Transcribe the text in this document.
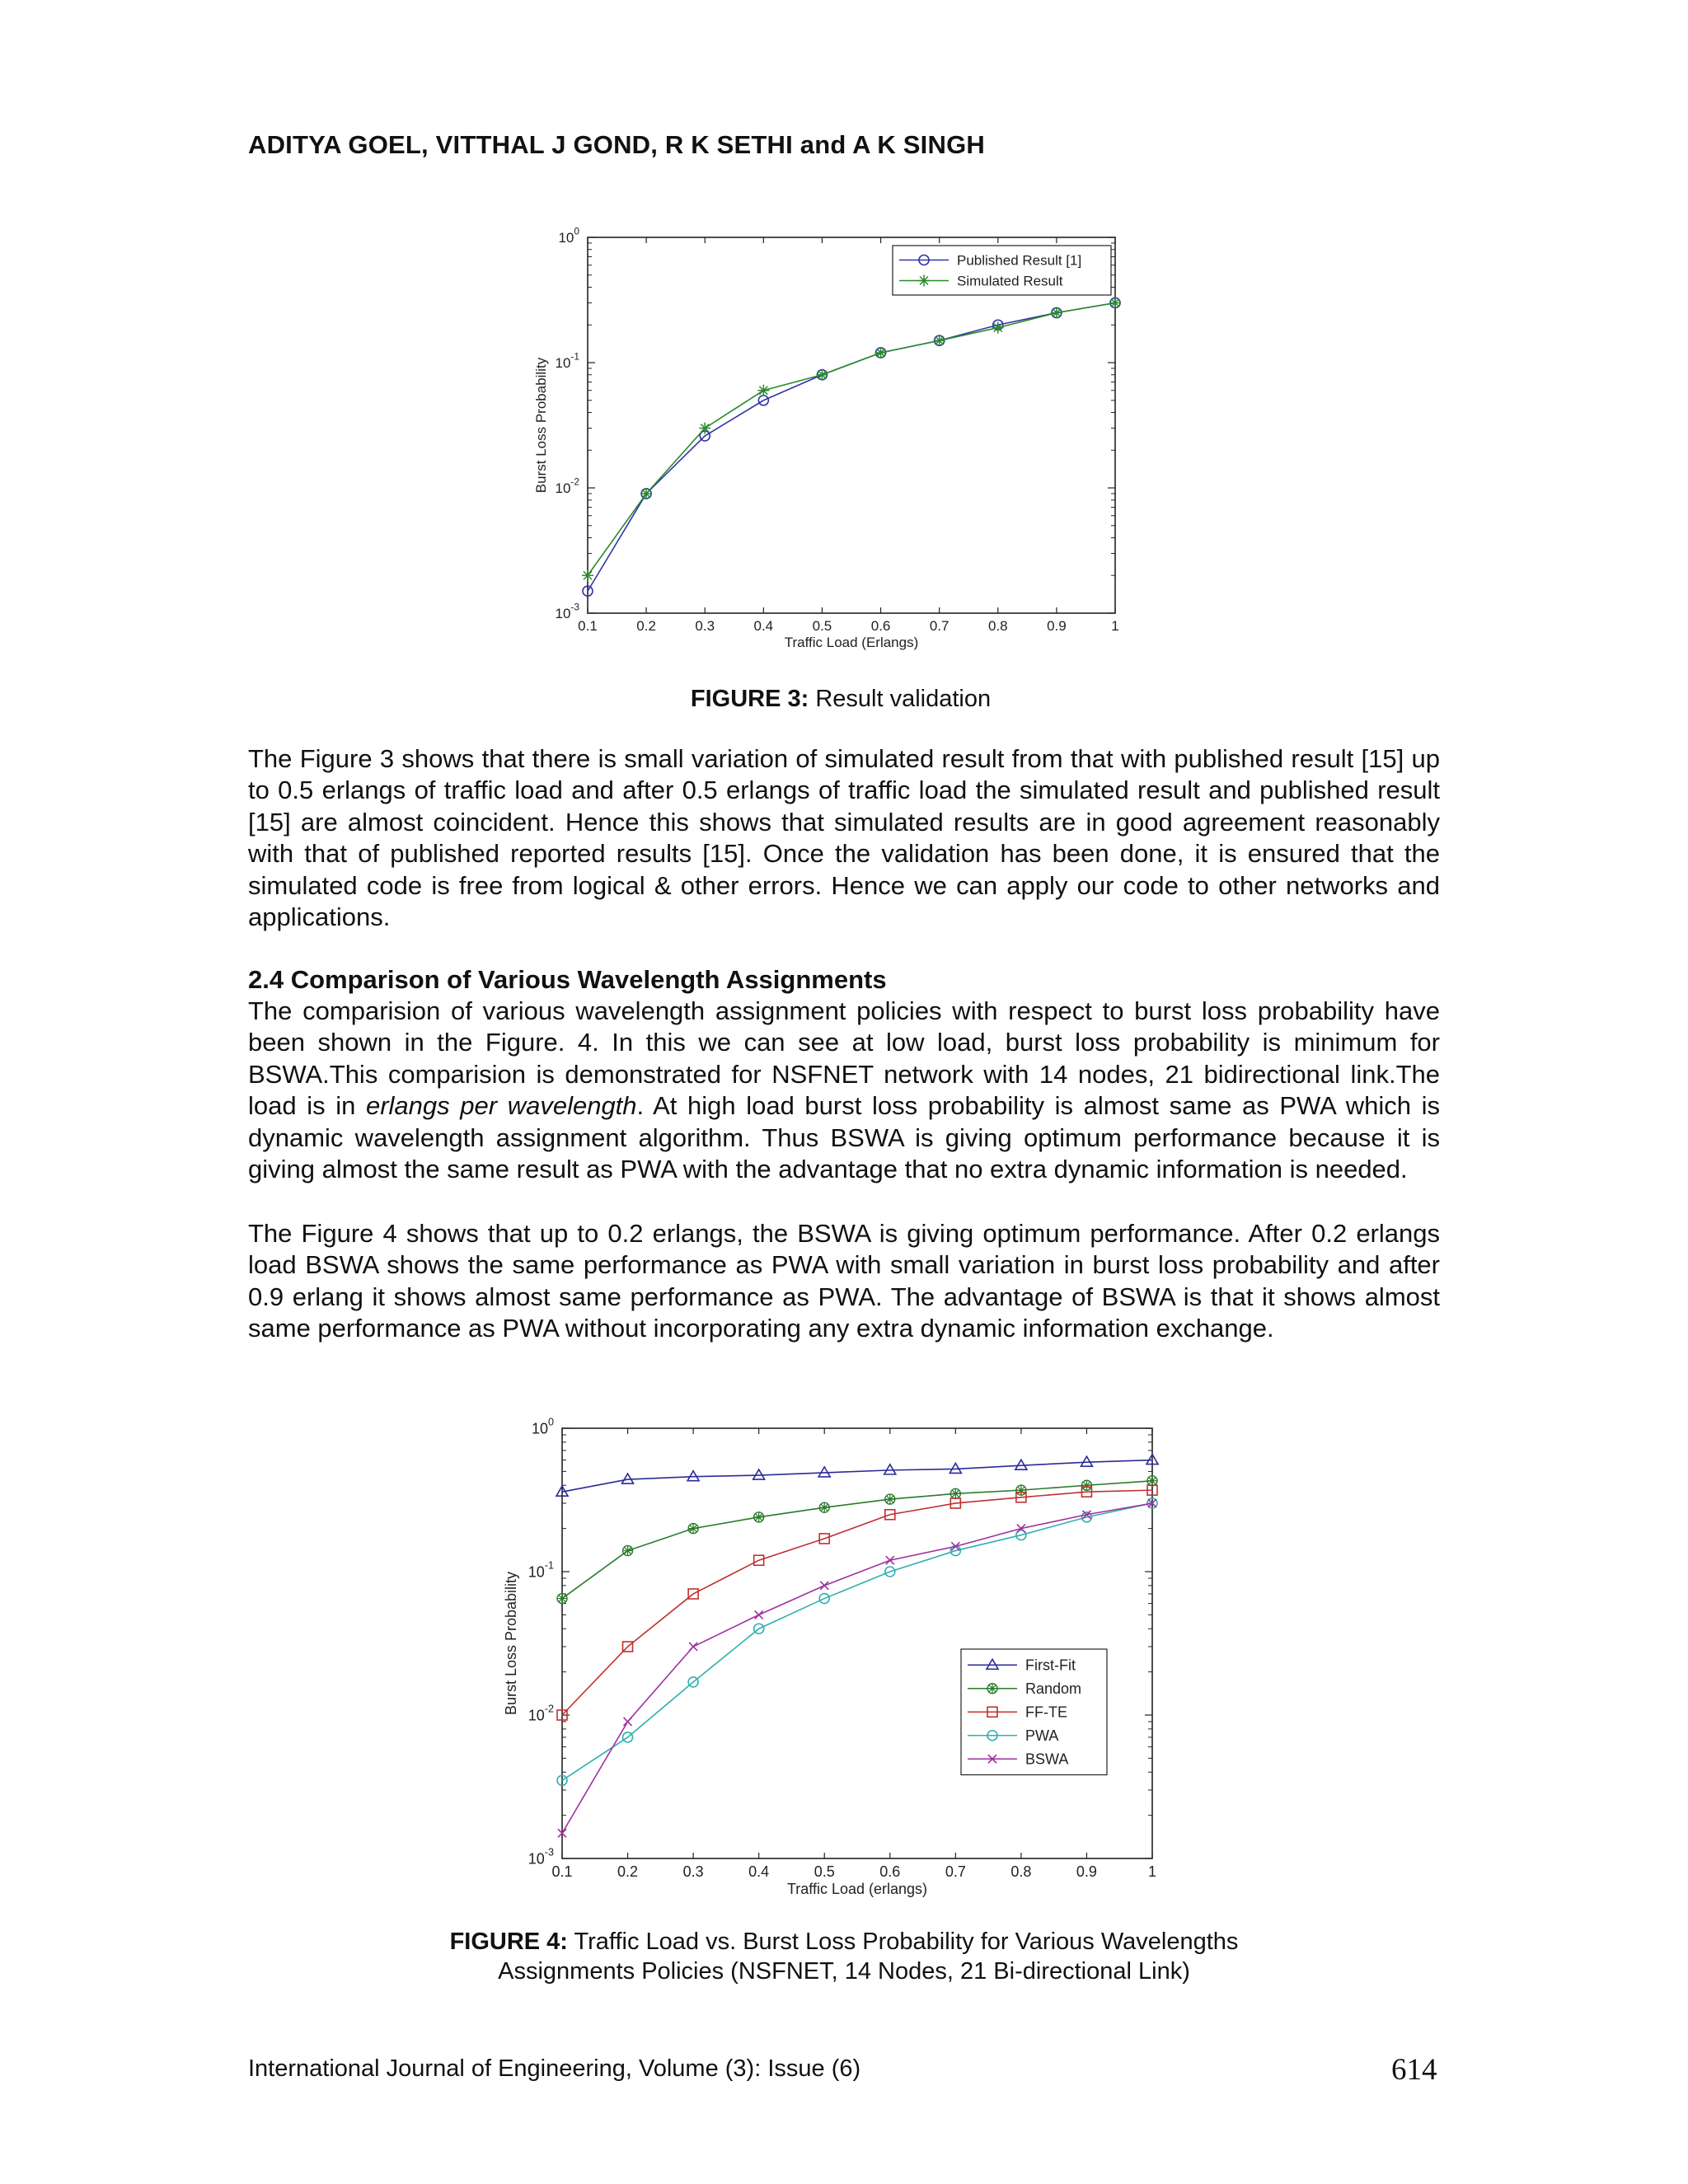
ADITYA GOEL, VITTHAL J GOND, R K SETHI and A K SINGH
0.1	0.2	0.3	0.4	0.5	0.6	0.7	0.8	0.9	1
$10^{-3}$
$10^{-2}$
$10^{-1}$
$10^0$
Traffic Load (Erlangs)
Burst Loss Probability
Published Result [1]
Simulated Result
FIGURE 3: Result validation
The Figure 3 shows that there is small variation of simulated result from that with published result [15] up to 0.5 erlangs of traffic load and after 0.5 erlangs of traffic load the simulated result and published result [15] are almost coincident. Hence this shows that simulated results are in good agreement reasonably with that of published reported results [15]. Once the validation has been done, it is ensured that the simulated code is free from logical & other errors. Hence we can apply our code to other networks and applications.
2.4 Comparison of Various Wavelength Assignments
The comparision of various wavelength assignment policies with respect to burst loss probability have been shown in the Figure. 4. In this we can see at low load, burst loss probability is minimum for BSWA.This comparision is demonstrated for NSFNET network with 14 nodes, 21 bidirectional link.The load is in erlangs per wavelength. At high load burst loss probability is almost same as PWA which is dynamic wavelength assignment algorithm. Thus BSWA is giving optimum performance because it is giving almost the same result as PWA with the advantage that no extra dynamic information is needed.
The Figure 4 shows that up to 0.2 erlangs, the BSWA is giving optimum performance. After 0.2 erlangs load BSWA shows the same performance as PWA with small variation in burst loss probability and after 0.9 erlang it shows almost same performance as PWA. The advantage of BSWA is that it shows almost same performance as PWA without incorporating any extra dynamic information exchange.
0.1	0.2	0.3	0.4	0.5	0.6	0.7	0.8	0.9	1
$10^{-3}$
$10^{-2}$
$10^{-1}$
$10^0$
Traffic Load (erlangs)
Burst Loss Probability	First-Fit
Random
FF-TE
PWA
BSWA
FIGURE 4: Traffic Load vs. Burst Loss Probability for Various Wavelengths
Assignments Policies (NSFNET, 14 Nodes, 21 Bi-directional Link)
International Journal of Engineering, Volume (3): Issue (6)	614
